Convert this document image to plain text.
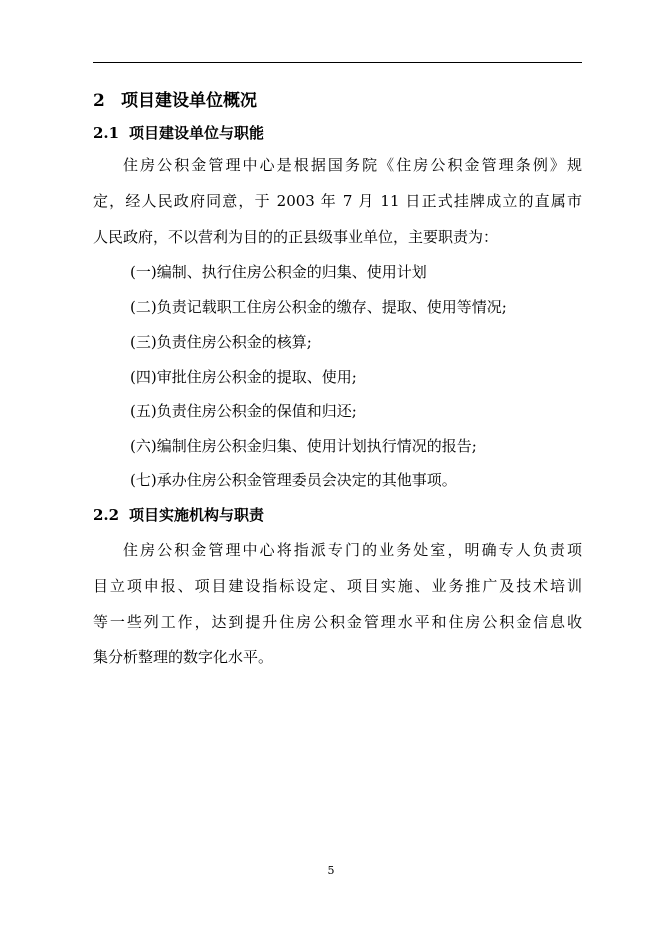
2 项目建设单位概况
2.1 项目建设单位与职能
住房公积金管理中心是根据国务院《住房公积金管理条例》规
定，经人民政府同意，于 2003 年 7 月 11 日正式挂牌成立的直属市
人民政府，不以营利为目的的正县级事业单位，主要职责为：
(一)编制、执行住房公积金的归集、使用计划
(二)负责记载职工住房公积金的缴存、提取、使用等情况;
(三)负责住房公积金的核算;
(四)审批住房公积金的提取、使用;
(五)负责住房公积金的保值和归还;
(六)编制住房公积金归集、使用计划执行情况的报告;
(七)承办住房公积金管理委员会决定的其他事项。
2.2 项目实施机构与职责
住房公积金管理中心将指派专门的业务处室，明确专人负责项
目立项申报、项目建设指标设定、项目实施、业务推广及技术培训
等一些列工作，达到提升住房公积金管理水平和住房公积金信息收
集分析整理的数字化水平。
5
